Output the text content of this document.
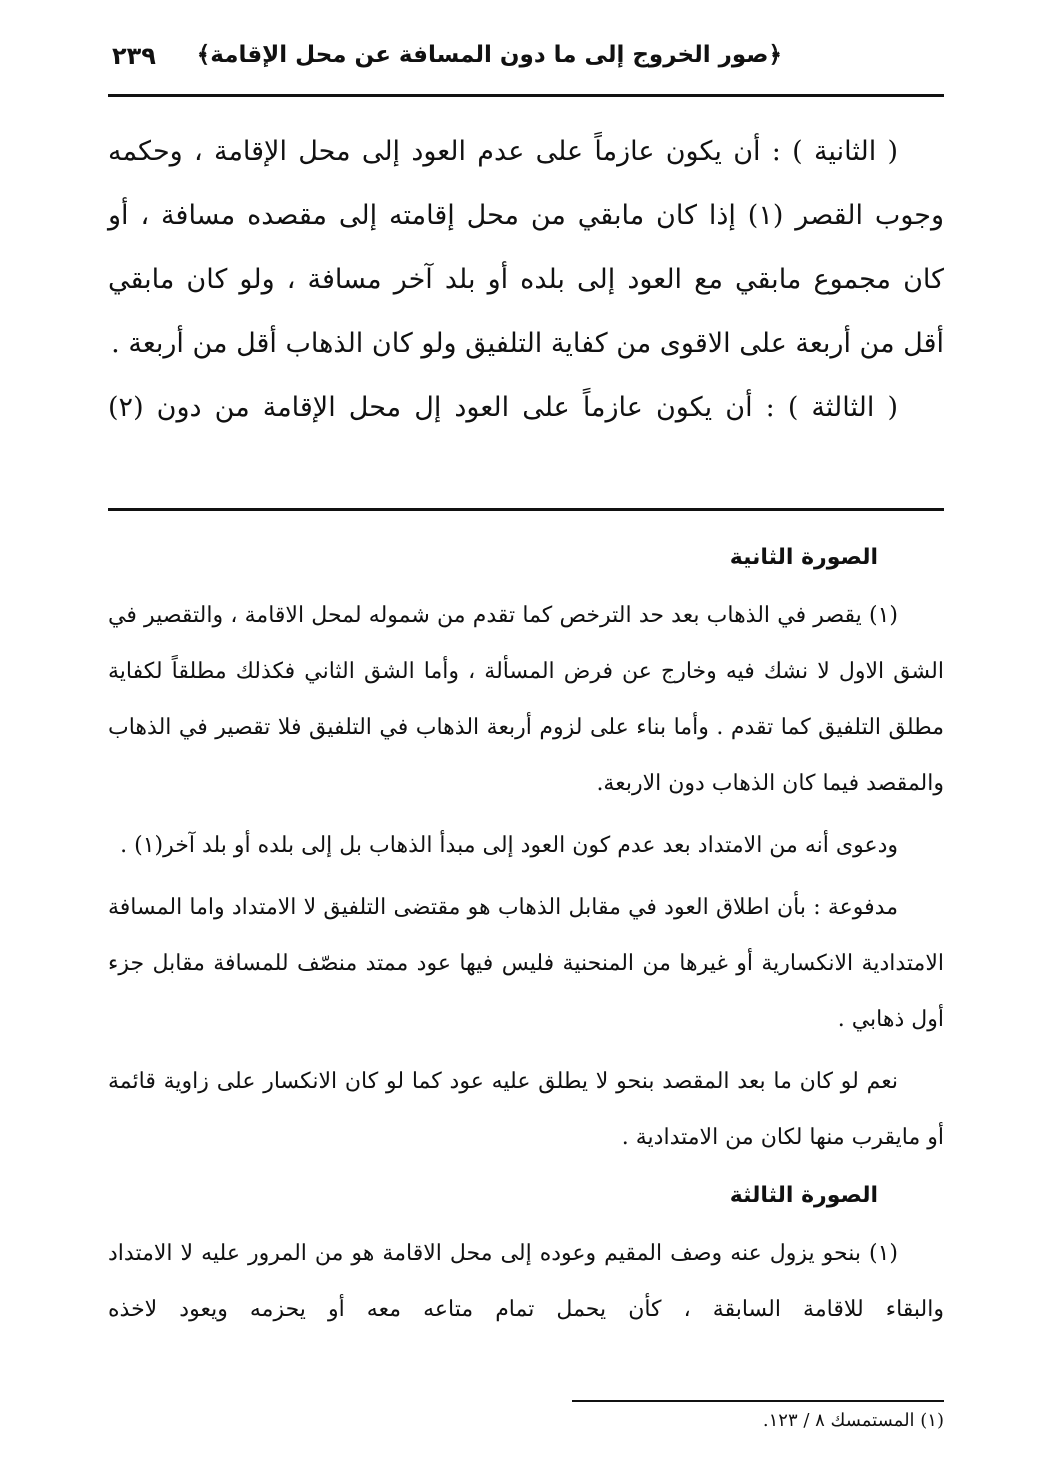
﴿صور الخروج إلى ما دون المسافة عن محل الإقامة﴾
٢٣٩

( الثانية ) : أن يكون عازماً على عدم العود إلى محل الإقامة ، وحكمه وجوب القصر (١) إذا كان مابقي من محل إقامته إلى مقصده مسافة ، أو كان مجموع مابقي مع العود إلى بلده أو بلد آخر مسافة ، ولو كان مابقي أقل من أربعة على الاقوى من كفاية التلفيق ولو كان الذهاب أقل من أربعة .

( الثالثة ) : أن يكون عازماً على العود إل محل الإقامة من دون (٢)

الصورة الثانية

(١) يقصر في الذهاب بعد حد الترخص كما تقدم من شموله لمحل الاقامة ، والتقصير في الشق الاول لا نشك فيه وخارج عن فرض المسألة ، وأما الشق الثاني فكذلك مطلقاً لكفاية مطلق التلفيق كما تقدم . وأما بناء على لزوم أربعة الذهاب في التلفيق فلا تقصير في الذهاب والمقصد فيما كان الذهاب دون الاربعة.

ودعوى أنه من الامتداد بعد عدم كون العود إلى مبدأ الذهاب بل إلى بلده أو بلد آخر(١) .

مدفوعة : بأن اطلاق العود في مقابل الذهاب هو مقتضى التلفيق لا الامتداد واما المسافة الامتدادية الانكسارية أو غيرها من المنحنية فليس فيها عود ممتد منصّف للمسافة مقابل جزء أول ذهابي .

نعم لو كان ما بعد المقصد بنحو لا يطلق عليه عود كما لو كان الانكسار على زاوية قائمة أو مايقرب منها لكان من الامتدادية .

الصورة الثالثة

(١) بنحو يزول عنه وصف المقيم وعوده إلى محل الاقامة هو من المرور عليه لا الامتداد والبقاء للاقامة السابقة ، كأن يحمل تمام متاعه معه أو يحزمه ويعود لاخذه

(١) المستمسك ٨ / ١٢٣.
